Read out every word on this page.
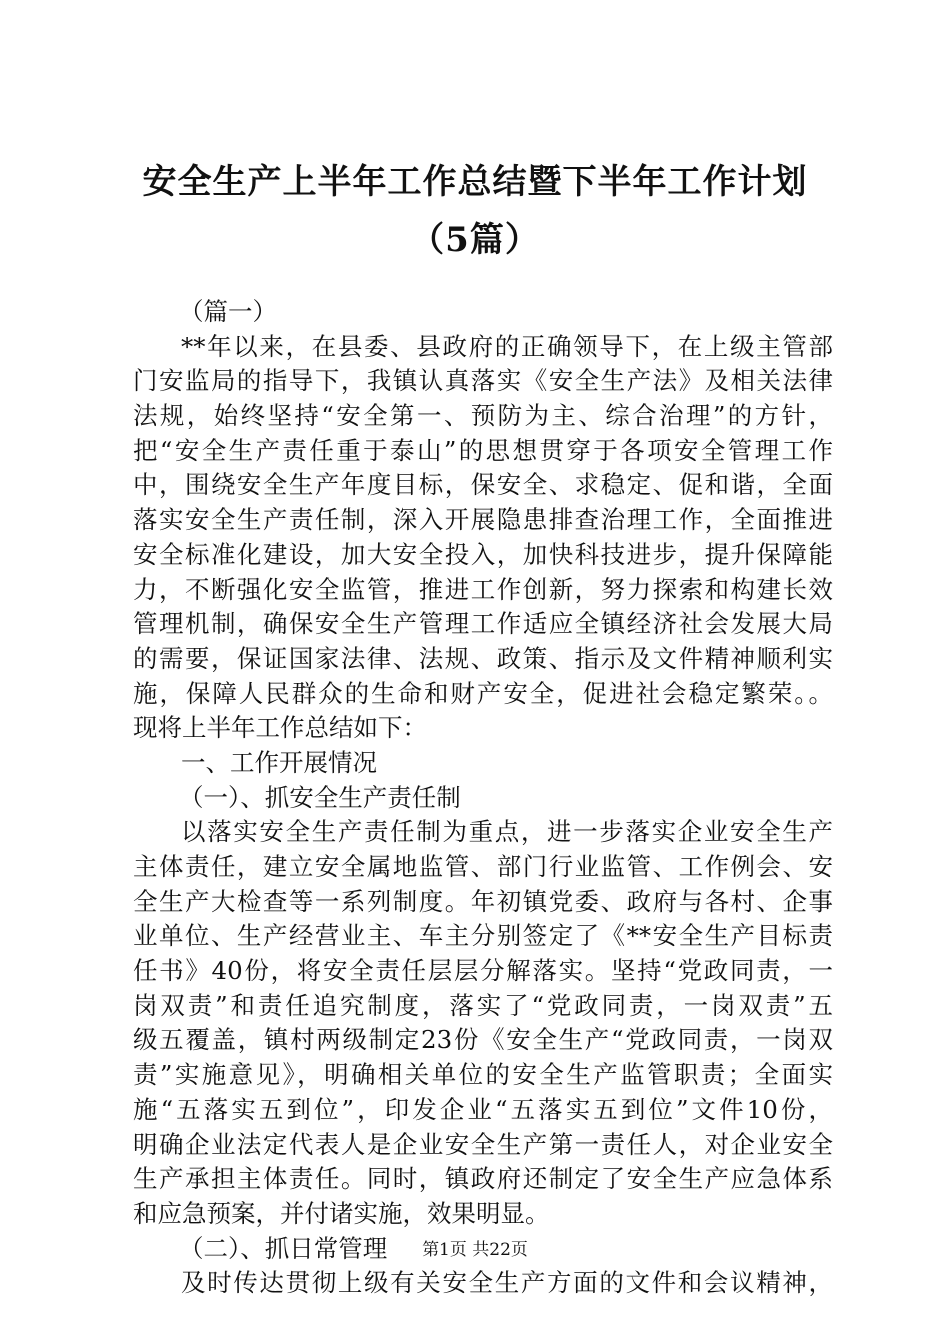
安全生产上半年工作总结暨下半年工作计划
（5篇）
（篇一）
**年以来，在县委、县政府的正确领导下，在上级主管部
门安监局的指导下，我镇认真落实《安全生产法》及相关法律
法规，始终坚持“安全第一、预防为主、综合治理”的方针，
把“安全生产责任重于泰山”的思想贯穿于各项安全管理工作
中，围绕安全生产年度目标，保安全、求稳定、促和谐，全面
落实安全生产责任制，深入开展隐患排查治理工作，全面推进
安全标准化建设，加大安全投入，加快科技进步，提升保障能
力，不断强化安全监管，推进工作创新，努力探索和构建长效
管理机制，确保安全生产管理工作适应全镇经济社会发展大局
的需要，保证国家法律、法规、政策、指示及文件精神顺利实
施，保障人民群众的生命和财产安全，促进社会稳定繁荣。。
现将上半年工作总结如下：
一、工作开展情况
（一）、抓安全生产责任制
以落实安全生产责任制为重点，进一步落实企业安全生产
主体责任，建立安全属地监管、部门行业监管、工作例会、安
全生产大检查等一系列制度。年初镇党委、政府与各村、企事
业单位、生产经营业主、车主分别签定了《**安全生产目标责
任书》40份，将安全责任层层分解落实。坚持“党政同责，一
岗双责”和责任追究制度，落实了“党政同责，一岗双责”五
级五覆盖，镇村两级制定23份《安全生产“党政同责，一岗双
责”实施意见》，明确相关单位的安全生产监管职责；全面实
施“五落实五到位”，印发企业“五落实五到位”文件10份，
明确企业法定代表人是企业安全生产第一责任人，对企业安全
生产承担主体责任。同时，镇政府还制定了安全生产应急体系
和应急预案，并付诸实施，效果明显。
（二）、抓日常管理
及时传达贯彻上级有关安全生产方面的文件和会议精神，
第1页 共22页
